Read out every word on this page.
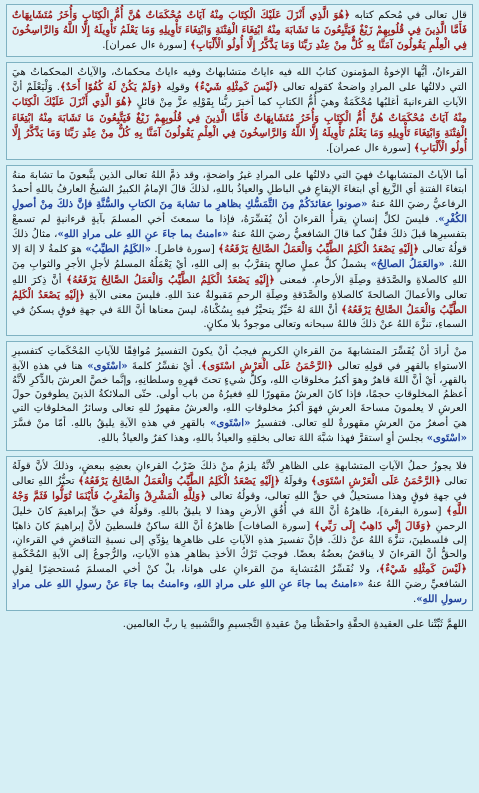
قال تعالى في مُحكم كتابه ﴿هُوَ الَّذِي أَنْزَلَ عَلَيْكَ الْكِتَابَ مِنْهُ آيَاتٌ مُحْكَمَاتٌ هُنَّ أُمُّ الْكِتَابِ وَأُخَرُ مُتَشَابِهَاتٌ فَأَمَّا الَّذِينَ فِي قُلُوبِهِمْ زَيْغٌ فَيَتَّبِعُونَ مَا تَشَابَهَ مِنْهُ ابْتِغَاءَ الْفِتْنَةِ وَابْتِغَاءَ تَأْوِيلِهِ وَمَا يَعْلَمُ تَأْوِيلَهُ إِلَّا اللَّهُ وَالرَّاسِخُونَ فِي الْعِلْمِ يَقُولُونَ آمَنَّا بِهِ كُلٌّ مِنْ عِنْدِ رَبِّنَا وَمَا يَذَّكَّرُ إِلَّا أُولُو الْأَلْبَابِ﴾ [سورة ءال عمران].

القرءانُ، أيُّها الإخوةُ المؤمنون كتابُ الله فيه ءاياتٌ متشابهاتٌ وفيه ءاياتٌ محكماتٌ، والآياتُ المحكماتُ هيَ التي دلالتُها على المرادِ واضحةٌ كقولِه تعالى ﴿لَيْسَ كَمِثْلِهِ شَيْءٌ﴾ وقولِه ﴿وَلَمْ يَكُنْ لَهُ كُفُوًا أَحَدٌ﴾. وَلْيَعْلَمْ أنَّ الآياتِ القرءانيةَ أغلبُها مُحْكَمَةٌ وهيَ أُمُّ الكتابِ كما أخبرَ ربُّنا بِقَوْلِهِ عزَّ مِنْ قائلٍ ﴿هُوَ الَّذِي أَنْزَلَ عَلَيْكَ الْكِتَابَ مِنْهُ آيَاتٌ مُحْكَمَاتٌ هُنَّ أُمُّ الْكِتَابِ وَأُخَرُ مُتَشَابِهَاتٌ فَأَمَّا الَّذِينَ فِي قُلُوبِهِمْ زَيْغٌ فَيَتَّبِعُونَ مَا تَشَابَهَ مِنْهُ ابْتِغَاءَ الْفِتْنَةِ وَابْتِغَاءَ تَأْوِيلِهِ وَمَا يَعْلَمُ تَأْوِيلَهُ إِلَّا اللَّهُ وَالرَّاسِخُونَ فِي الْعِلْمِ يَقُولُونَ آمَنَّا بِهِ كُلٌّ مِنْ عِنْدِ رَبِّنَا وَمَا يَذَّكَّرُ إِلَّا أُولُو الْأَلْبَابِ﴾ [سورة ءال عمران].

أما الآياتُ المتشابهاتُ فهيَ التي دلالتُها على المرادِ غيرُ واضحةٍ، وقد ذمَّ اللهُ تعالى الذين يتَّبعونَ ما تشابهَ منهُ ابتغاءَ الفتنةِ أي الزَّيغ أي ابتغاءَ الإيقاعِ في الباطلِ والعياذُ باللهِ، لذلكَ قالَ الإمامُ الكبيرُ الشيخُ العارفُ باللهِ أحمدُ الرفاعيُّ رضيَ اللهُ عنهُ «صونوا عقائدَكُمْ مِنَ التَّمَسُّكِ بظاهرِ ما تشابهَ مِنَ الكتابِ والسُّنَّةِ فإنَّ ذلكَ مِنْ أصولِ الكُفْرِ». فليسَ لكلِّ إنسانٍ يقرأُ القرءانَ أنْ يُفَسِّرَهُ، فإذا ما سمعتَ أخي المسلمَ بآيةٍ قرءانيةٍ لم تسمعْ بتفسيرِها قبلَ ذلكَ فقُلْ كما قالَ الشافعيُّ رضيَ اللهُ عنهُ «ءامنتُ بما جاءَ عنِ اللهِ على مرادِ اللهِ»، مثالُ ذلكَ قولُهُ تعالى ﴿إِلَيْهِ يَصْعَدُ الْكَلِمُ الطَّيِّبُ وَالْعَمَلُ الصَّالِحُ يَرْفَعُهُ﴾ [سورة فاطر]. «الكَلِمُ الطيِّبُ» هوَ كلمةُ لا إلهَ إلا اللهُ. «والعَمَلُ الصالِحُ» يشملُ كلَّ عملٍ صالحٍ يتقرَّبُ بهِ إلى اللهِ، أيْ يَعْمَلُهُ المسلمُ لأجلِ الأجرِ والثوابِ مِنَ اللهِ كالصلاةِ والصَّدَقةِ وصِلَةِ الأرحامِ. فمعنى ﴿إِلَيْهِ يَصْعَدُ الْكَلِمُ الطَّيِّبُ وَالْعَمَلُ الصَّالِحُ يَرْفَعُهُ﴾ أنَّ ذِكرَ اللهِ تعالى والأعمالَ الصالحةَ كالصلاةِ والصَّدَقةِ وصِلَةِ الرحمِ مَقبولةٌ عندَ اللهِ. فليسَ معنى الآيةِ ﴿إِلَيْهِ يَصْعَدُ الْكَلِمُ الطَّيِّبُ وَالْعَمَلُ الصَّالِحُ يَرْفَعُهُ﴾ أنَّ اللهَ لهُ حَيِّزٌ يتحيَّزُ فيهِ بِسُكْناهُ، ليسَ معناها أنَّ اللهَ في جهةِ فوقٍ يسكنُ في السماءِ، تنزَّهَ اللهُ عنْ ذلكَ فاللهُ سبحانه وتعالى موجودٌ بلا مكانٍ.

منْ أرادَ أنْ يُفَسِّرَ المتشابهةَ منَ القرءانِ الكريمِ فيجبُ أنْ يكونَ التفسيرُ مُوافِقًا للآياتِ المُحْكَماتِ كتفسيرِ الاستواءِ بالقهرِ في قولِهِ تعالى ﴿الرَّحْمَنُ عَلَى الْعَرْشِ اسْتَوَى﴾. أيْ نفسِّرُ كلمةَ «اسْتَوى» هنا في هذهِ الآيةِ بالقهرِ، أيْ أنَّ اللهَ قاهرٌ وهوَ أكبرُ مخلوقاتِ اللهِ، وكلُّ شيءٍ تحتَ قهرِهِ وسلطانِهِ، وإنَّما خصَّ العرشَ بالذِّكرِ لأنَّهُ أعظمُ المخلوقاتِ حجمًا، فإذا كانَ العرشُ مقهورًا للهِ فغيرُهُ من باب أولى. حتّى الملائكةُ الذينَ يطوفونَ حولَ العرشِ لا يعلمونَ مساحةَ العرشِ فهوَ أكبرُ مخلوقاتِ اللهِ، والعرشُ مقهورٌ للهِ تعالى وسائرُ المخلوقاتِ التي هيَ أصغرُ منَ العرشِ مقهورةٌ للهِ تعالى. فتفسيرُ «اسْتَوى» بالقهرِ في هذهِ الآيةِ يليقُ باللهِ. أمّا منْ فسَّرَ «اسْتَوى» بجلسَ أوِ استقرَّ فهذا شبَّهَ اللهَ تعالى بخلقِهِ والعياذُ باللهِ، وهذا كفرٌ والعياذُ باللهِ.

فلا يجوزُ حملُ الآياتِ المتشابهةِ على الظاهرِ لأنَّهُ يلزمُ منْ ذلكَ ضَرْبُ القرءانِ بعضِهِ ببعضٍ، وذلكَ لأنَّ قولَهُ تعالى ﴿الرَّحْمَنُ عَلَى الْعَرْشِ اسْتَوَى﴾ وقولَهُ ﴿إِلَيْهِ يَصْعَدُ الْكَلِمُ الطَّيِّبُ وَالْعَمَلُ الصَّالِحُ يَرْفَعُهُ﴾ تحيُّزُ اللهِ تعالى في جهةِ فوقٍ وهذا مستحيلٌ في حقِّ اللهِ تعالى، وقولُهُ تعالى ﴿وَلِلَّهِ الْمَشْرِقُ وَالْمَغْرِبُ فَأَيْنَمَا تُوَلُّوا فَثَمَّ وَجْهُ اللَّهِ﴾ [سورة البقرة]، ظاهرُهُ أنَّ اللهَ في أُفُقِ الأرضِ وهذا لا يليقُ باللهِ. وقولُهُ في حقِّ إبراهيمَ كانَ خليلَ الرحمنِ ﴿وَقَالَ إِنِّي ذَاهِبٌ إِلَى رَبِّي﴾ [سورة الصافات] ظاهرُهُ أنَّ اللهَ ساكنٌ فلسطينَ لأنَّ إبراهيمَ كانَ ذاهبًا إلى فلسطينَ، تنزَّهَ اللهُ عنْ ذلكَ. فإنَّ تفسيرَ هذهِ الآياتِ على ظاهرِها يؤدِّي إلى نسبةِ التناقضِ في القرءانِ، والحقُّ أنَّ القرءانَ لا يناقضُ بعضُهُ بعضًا. فوجبَ تَرْكُ الأخذِ بظاهرِ هذهِ الآياتِ، والرُّجوعُ إلى الآيةِ المُحْكَمةِ ﴿لَيْسَ كَمِثْلِهِ شَيْءٌ﴾، ولا نُفَسِّرُ المُتشابِهَ منَ القرءانِ على هوانا، بلْ كنْ أخي المسلمَ مُستحضِرًا لِقولِ الشافعيِّ رضيَ اللهُ عنهُ «ءامنتُ بما جاءَ عنِ اللهِ على مرادِ اللهِ، وءامنتُ بما جاءَ عنْ رسولِ اللهِ على مرادِ رسولِ اللهِ».

اللهمَّ ثَبِّتْنا على العقيدةِ الحقَّةِ واحفَظْنا مِنْ عقيدةِ التَّجسيمِ والتَّشبيهِ يا ربَّ العالمين.
